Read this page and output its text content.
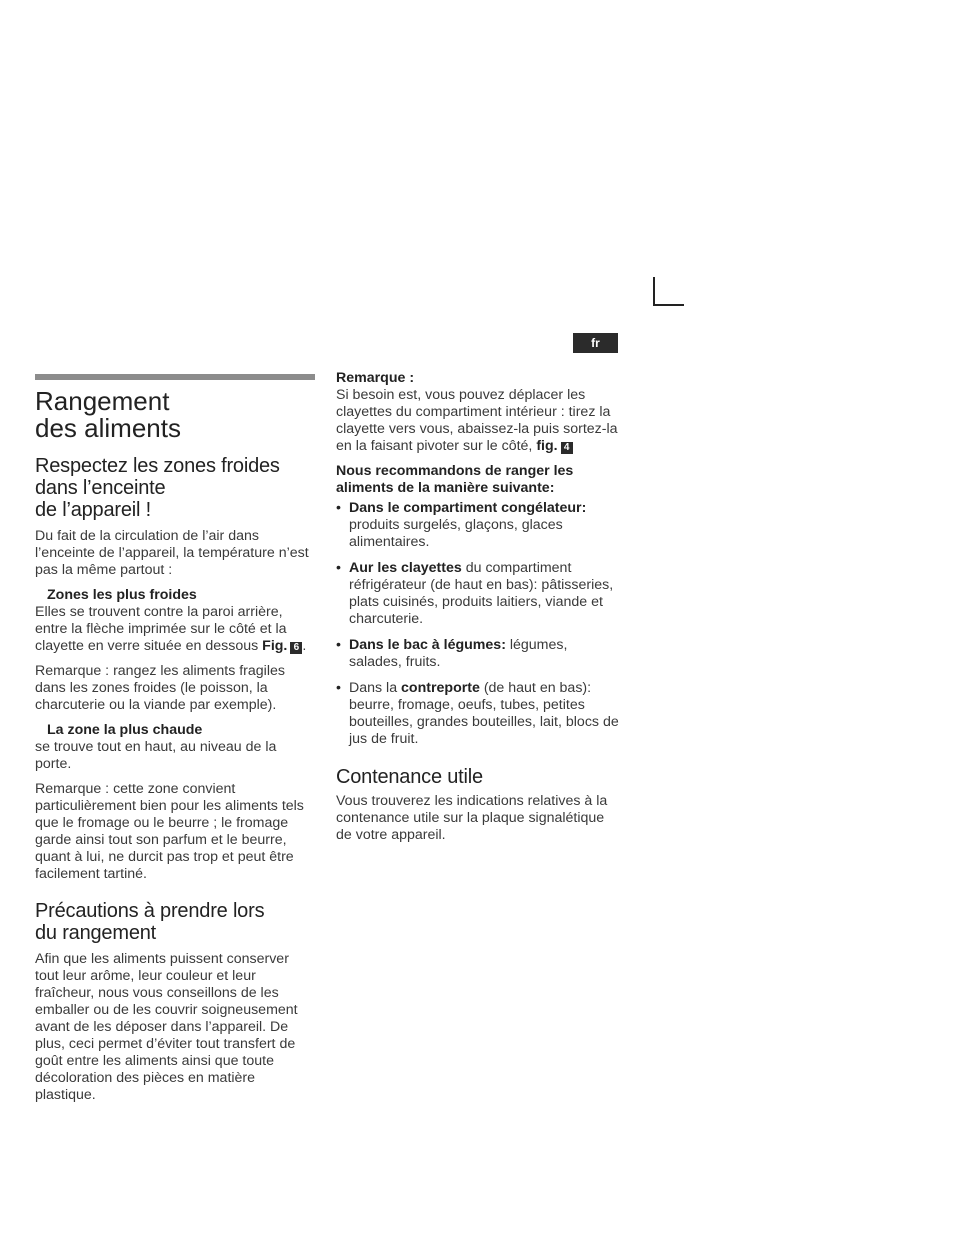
fr
Rangement
des aliments
Respectez les zones froides
dans l’enceinte
de l’appareil !

Du fait de la circulation de l’air dans l’enceinte de l’appareil, la température n’est pas la même partout :

Zones les plus froides

Elles se trouvent contre la paroi arrière, entre la flèche imprimée sur le côté et la clayette en verre située en dessous Fig. 6 .

Remarque : rangez les aliments fragiles dans les zones froides (le poisson, la charcuterie ou la viande par exemple).

La zone la plus chaude

se trouve tout en haut, au niveau de la porte.

Remarque : cette zone convient particulièrement bien pour les aliments tels que le fromage ou le beurre ; le fromage garde ainsi tout son parfum et le beurre, quant à lui, ne durcit pas trop et peut être facilement tartiné.

Précautions à prendre lors
du rangement

Afin que les aliments puissent conserver tout leur arôme, leur couleur et leur fraîcheur, nous vous conseillons de les emballer ou de les couvrir soigneusement avant de les déposer dans l’appareil. De plus, ceci permet d’éviter tout transfert de goût entre les aliments ainsi que toute décoloration des pièces en matière plastique.

Remarque :

Si besoin est, vous pouvez déplacer les clayettes du compartiment intérieur : tirez la clayette vers vous, abaissez-la puis sortez-la en la faisant pivoter sur le côté, fig. 4

Nous recommandons de ranger les aliments de la manière suivante:

• Dans le compartiment congélateur: produits surgelés, glaçons, glaces alimentaires.
• Aur les clayettes du compartiment réfrigérateur (de haut en bas): pâtisseries, plats cuisinés, produits laitiers, viande et charcuterie.
• Dans le bac à légumes: légumes, salades, fruits.
• Dans la contreporte (de haut en bas): beurre, fromage, oeufs, tubes, petites bouteilles, grandes bouteilles, lait, blocs de jus de fruit.
Contenance utile

Vous trouverez les indications relatives à la contenance utile sur la plaque signalétique de votre appareil.
